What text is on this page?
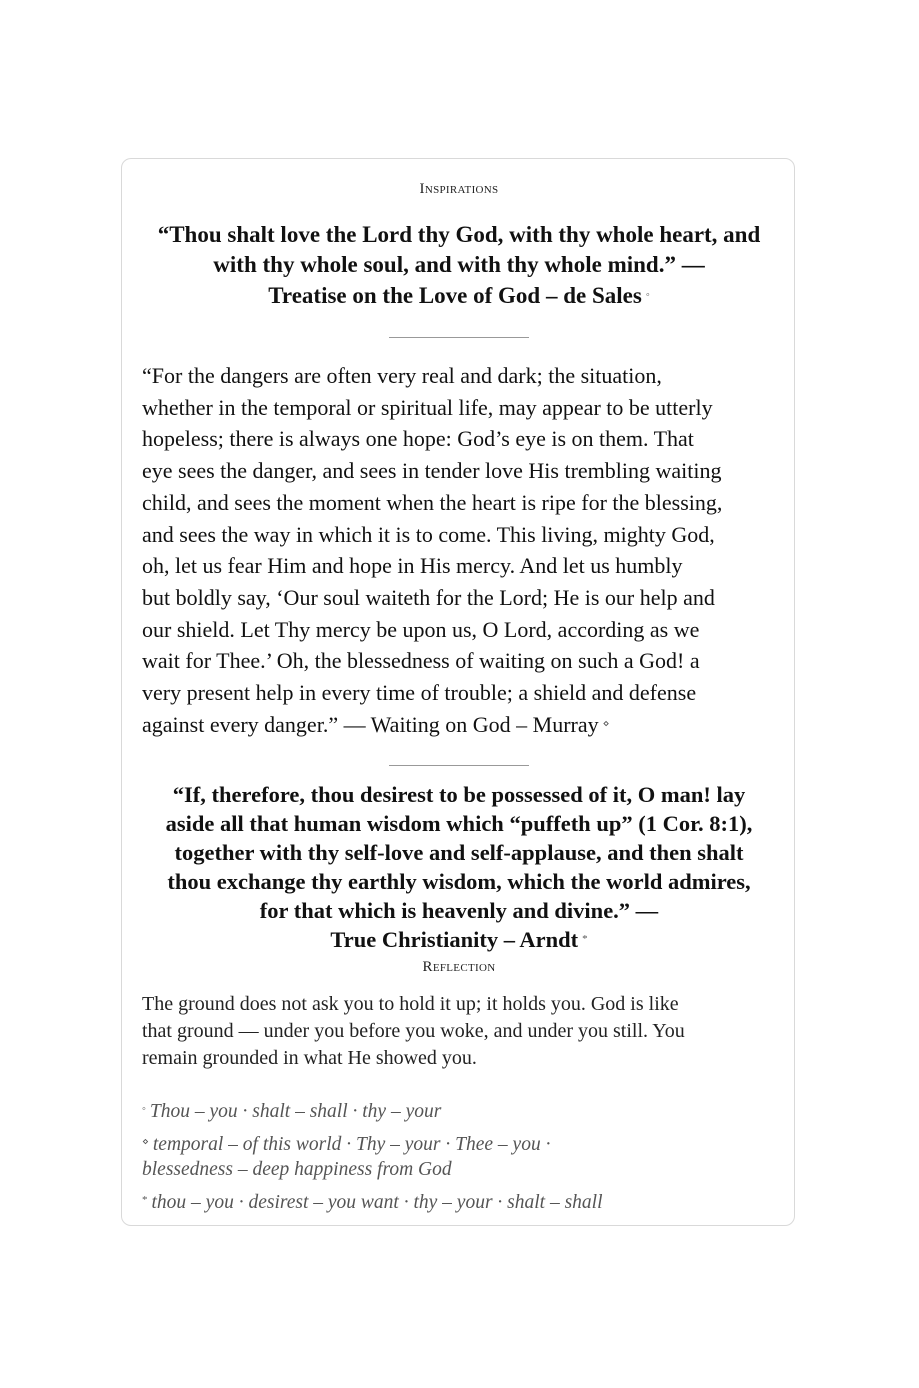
Inspirations
“Thou shalt love the Lord thy God, with thy whole heart, and
with thy whole soul, and with thy whole mind.” —
Treatise on the Love of God – de Sales ◦
“For the dangers are often very real and dark; the situation,
whether in the temporal or spiritual life, may appear to be utterly
hopeless; there is always one hope: God’s eye is on them. That
eye sees the danger, and sees in tender love His trembling waiting
child, and sees the moment when the heart is ripe for the blessing,
and sees the way in which it is to come. This living, mighty God,
oh, let us fear Him and hope in His mercy. And let us humbly
but boldly say, ‘Our soul waiteth for the Lord; He is our help and
our shield. Let Thy mercy be upon us, O Lord, according as we
wait for Thee.’ Oh, the blessedness of waiting on such a God! a
very present help in every time of trouble; a shield and defense
against every danger.” — Waiting on God – Murray ⋄
“If, therefore, thou desirest to be possessed of it, O man! lay
aside all that human wisdom which “puffeth up” (1 Cor. 8:1),
together with thy self-love and self-applause, and then shalt
thou exchange thy earthly wisdom, which the world admires,
for that which is heavenly and divine.” —
True Christianity – Arndt *
Reflection
The ground does not ask you to hold it up; it holds you. God is like
that ground — under you before you woke, and under you still. You
remain grounded in what He showed you.
◦ Thou – you · shalt – shall · thy – your
⋄ temporal – of this world · Thy – your · Thee – you ·
blessedness – deep happiness from God
* thou – you · desirest – you want · thy – your · shalt – shall
